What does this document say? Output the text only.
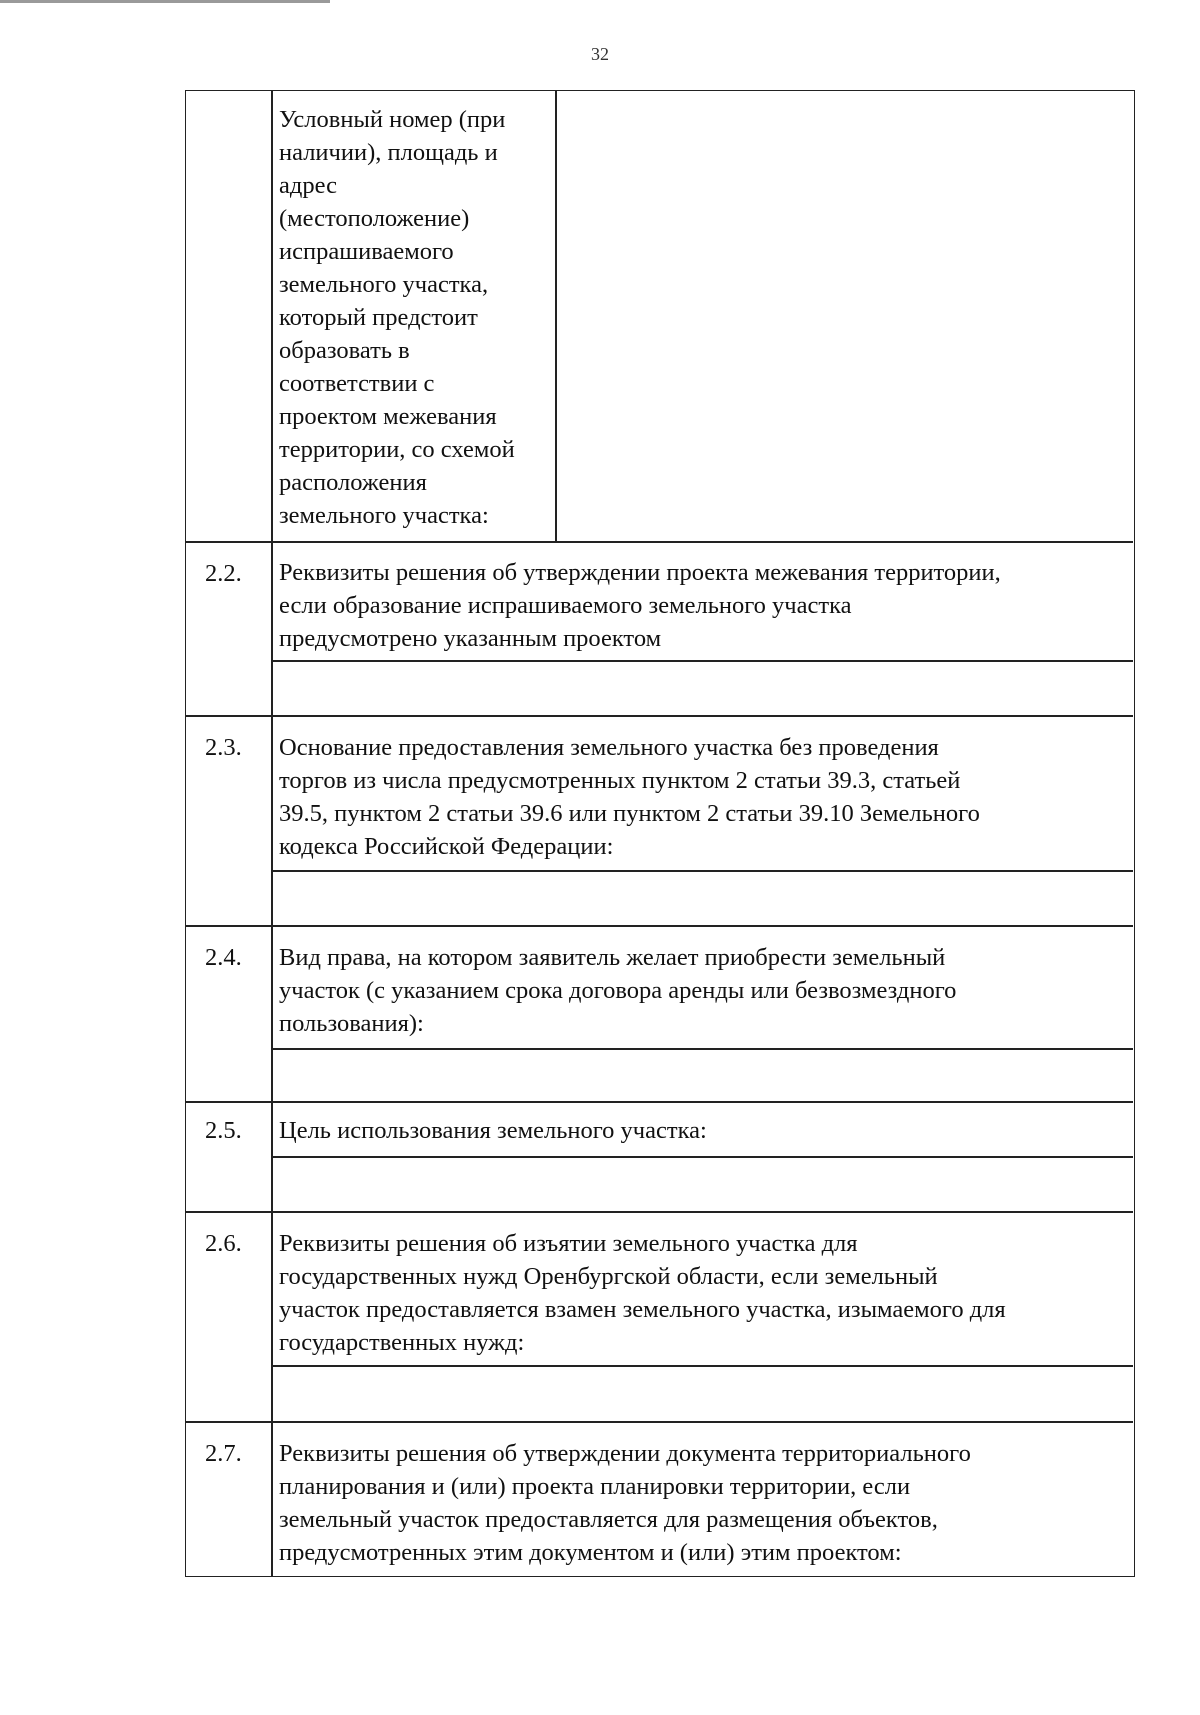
32
Условный номер (при
наличии), площадь и
адрес
(местоположение)
испрашиваемого
земельного участка,
который предстоит
образовать в
соответствии с
проектом межевания
территории, со схемой
расположения
земельного участка:
2.2. Реквизиты решения об утверждении проекта межевания территории,
если образование испрашиваемого земельного участка
предусмотрено указанным проектом
2.3. Основание предоставления земельного участка без проведения
торгов из числа предусмотренных пунктом 2 статьи 39.3, статьей
39.5, пунктом 2 статьи 39.6 или пунктом 2 статьи 39.10 Земельного
кодекса Российской Федерации:
2.4. Вид права, на котором заявитель желает приобрести земельный
участок (с указанием срока договора аренды или безвозмездного
пользования):
2.5. Цель использования земельного участка:
2.6. Реквизиты решения об изъятии земельного участка для
государственных нужд Оренбургской области, если земельный
участок предоставляется взамен земельного участка, изымаемого для
государственных нужд:
2.7. Реквизиты решения об утверждении документа территориального
планирования и (или) проекта планировки территории, если
земельный участок предоставляется для размещения объектов,
предусмотренных этим документом и (или) этим проектом:
